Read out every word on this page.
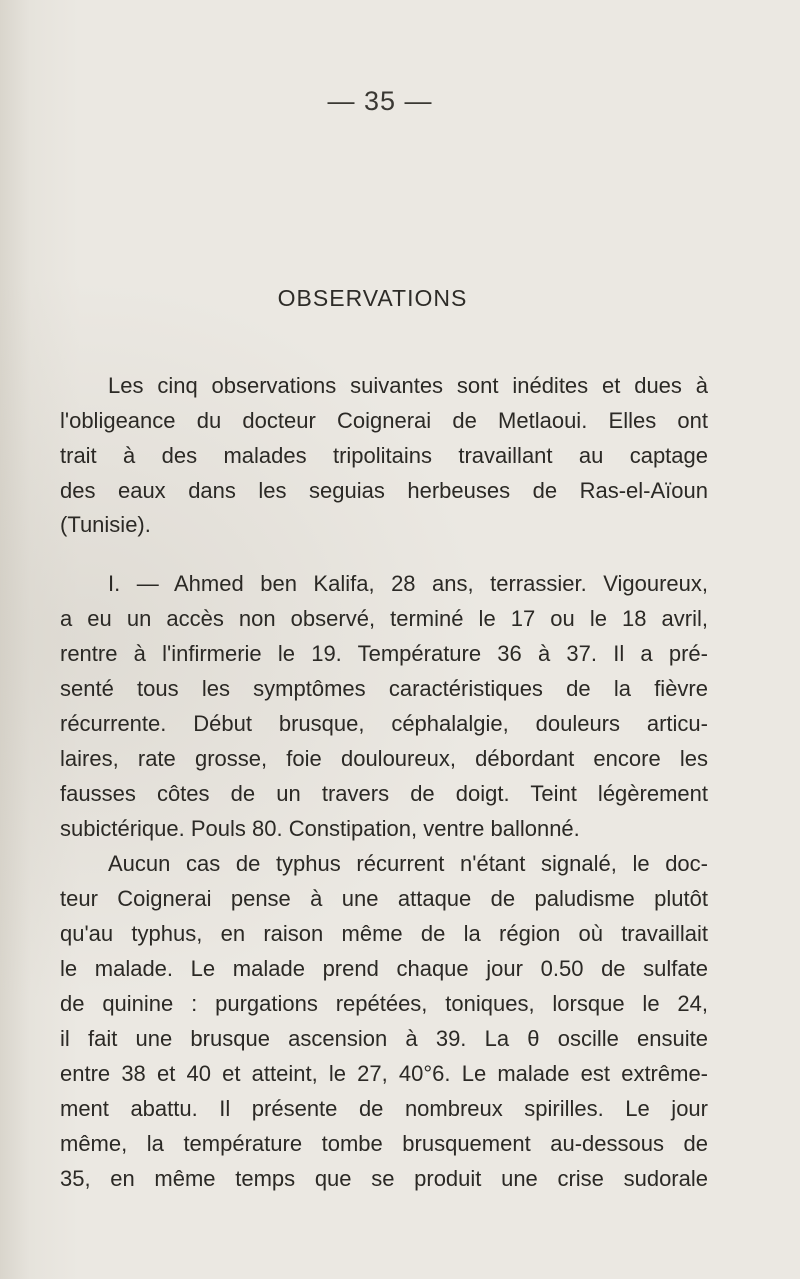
— 35 —
OBSERVATIONS
Les cinq observations suivantes sont inédites et dues à
l'obligeance du docteur Coignerai de Metlaoui. Elles ont
trait à des malades tripolitains travaillant au captage
des eaux dans les seguias herbeuses de Ras-el-Aïoun
(Tunisie).
I. — Ahmed ben Kalifa, 28 ans, terrassier. Vigoureux,
a eu un accès non observé, terminé le 17 ou le 18 avril,
rentre à l'infirmerie le 19. Température 36 à 37. Il a pré-
senté tous les symptômes caractéristiques de la fièvre
récurrente. Début brusque, céphalalgie, douleurs articu-
laires, rate grosse, foie douloureux, débordant encore les
fausses côtes de un travers de doigt. Teint légèrement
subictérique. Pouls 80. Constipation, ventre ballonné.
Aucun cas de typhus récurrent n'étant signalé, le doc-
teur Coignerai pense à une attaque de paludisme plutôt
qu'au typhus, en raison même de la région où travaillait
le malade. Le malade prend chaque jour 0.50 de sulfate
de quinine : purgations repétées, toniques, lorsque le 24,
il fait une brusque ascension à 39. La θ oscille ensuite
entre 38 et 40 et atteint, le 27, 40°6. Le malade est extrême-
ment abattu. Il présente de nombreux spirilles. Le jour
même, la température tombe brusquement au-dessous de
35, en même temps que se produit une crise sudorale
